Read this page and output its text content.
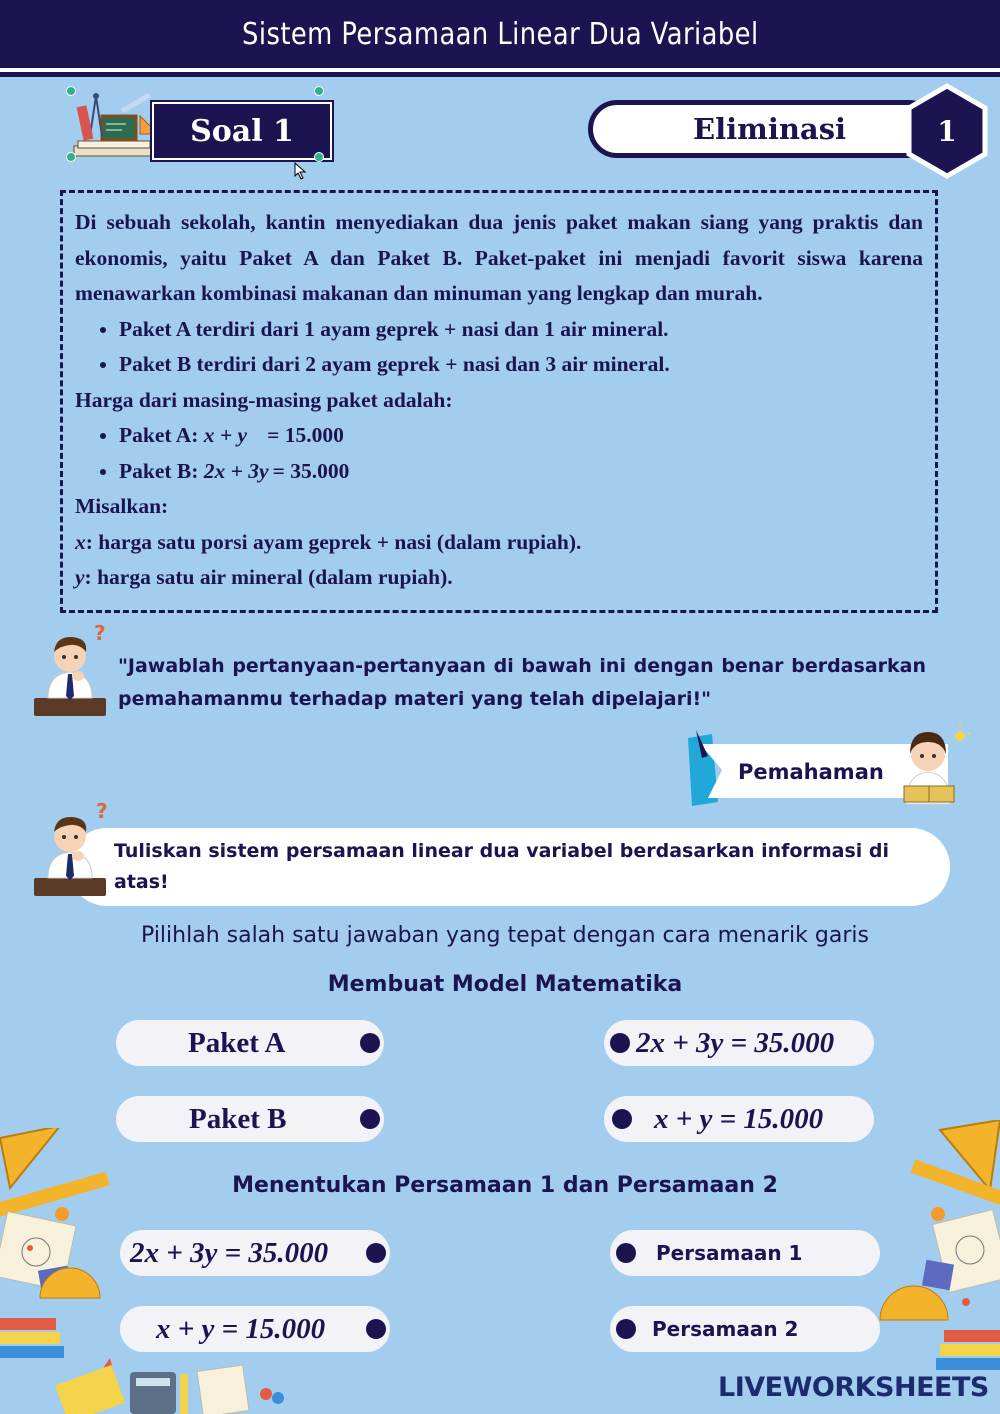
Sistem Persamaan Linear Dua Variabel
Soal 1	Eliminasi	1

Di sebuah sekolah, kantin menyediakan dua jenis paket makan siang yang praktis dan ekonomis, yaitu Paket A dan Paket B. Paket-paket ini menjadi favorit siswa karena menawarkan kombinasi makanan dan minuman yang lengkap dan murah.

• Paket A terdiri dari 1 ayam geprek + nasi dan 1 air mineral.
• Paket B terdiri dari 2 ayam geprek + nasi dan 3 air mineral.

Harga dari masing-masing paket adalah:

• Paket A: x + y = 15.000
• Paket B: 2x + 3y = 35.000

Misalkan:

x: harga satu porsi ayam geprek + nasi (dalam rupiah).

y: harga satu air mineral (dalam rupiah).

?

"Jawablah pertanyaan-pertanyaan di bawah ini dengan benar berdasarkan pemahamanmu terhadap materi yang telah dipelajari!"

Pemahaman
?

Tuliskan sistem persamaan linear dua variabel berdasarkan informasi di atas!

Pilihlah salah satu jawaban yang tepat dengan cara menarik garis
Membuat Model Matematika
Paket A
Paket B
2x + 3y = 35.000
x + y = 15.000
Menentukan Persamaan 1 dan Persamaan 2
2x + 3y = 35.000
x + y = 15.000
Persamaan 1
Persamaan 2
LIVEWORKSHEETS
